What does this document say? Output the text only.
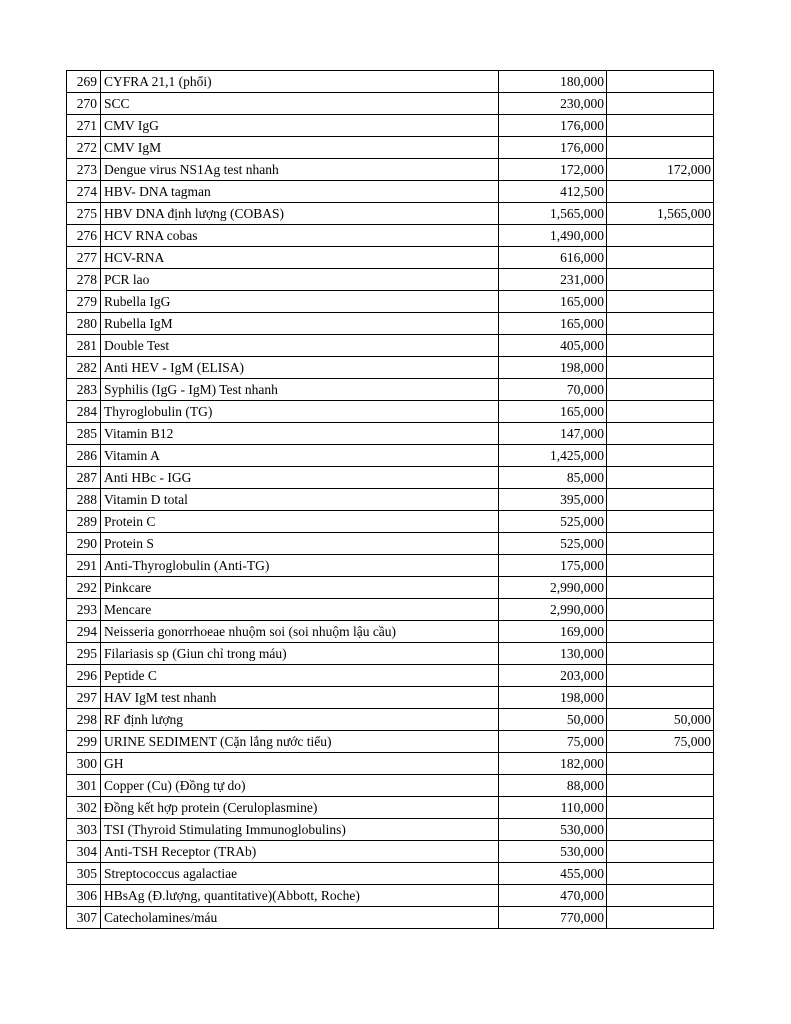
269	CYFRA 21,1 (phổi)	180,000	
270	SCC	230,000	
271	CMV IgG	176,000	
272	CMV IgM	176,000	
273	Dengue virus NS1Ag test nhanh	172,000	172,000
274	HBV- DNA tagman	412,500	
275	HBV DNA định lượng (COBAS)	1,565,000	1,565,000
276	HCV RNA cobas	1,490,000	
277	HCV-RNA	616,000	
278	PCR lao	231,000	
279	Rubella IgG	165,000	
280	Rubella IgM	165,000	
281	Double Test	405,000	
282	Anti HEV - IgM (ELISA)	198,000	
283	Syphilis (IgG - IgM) Test nhanh	70,000	
284	Thyroglobulin (TG)	165,000	
285	Vitamin B12	147,000	
286	Vitamin A	1,425,000	
287	Anti HBc - IGG	85,000	
288	Vitamin D total	395,000	
289	Protein C	525,000	
290	Protein S	525,000	
291	Anti-Thyroglobulin (Anti-TG)	175,000	
292	Pinkcare	2,990,000	
293	Mencare	2,990,000	
294	Neisseria gonorrhoeae nhuộm soi (soi nhuộm lậu cầu)	169,000	
295	Filariasis sp (Giun chỉ trong máu)	130,000	
296	Peptide C	203,000	
297	HAV IgM test nhanh	198,000	
298	RF định lượng	50,000	50,000
299	URINE SEDIMENT (Cặn lắng nước tiểu)	75,000	75,000
300	GH	182,000	
301	Copper (Cu) (Đồng tự do)	88,000	
302	Đồng kết hợp protein (Ceruloplasmine)	110,000	
303	TSI (Thyroid Stimulating Immunoglobulins)	530,000	
304	Anti-TSH Receptor (TRAb)	530,000	
305	Streptococcus agalactiae	455,000	
306	HBsAg (Đ.lượng, quantitative)(Abbott, Roche)	470,000	
307	Catecholamines/máu	770,000	
